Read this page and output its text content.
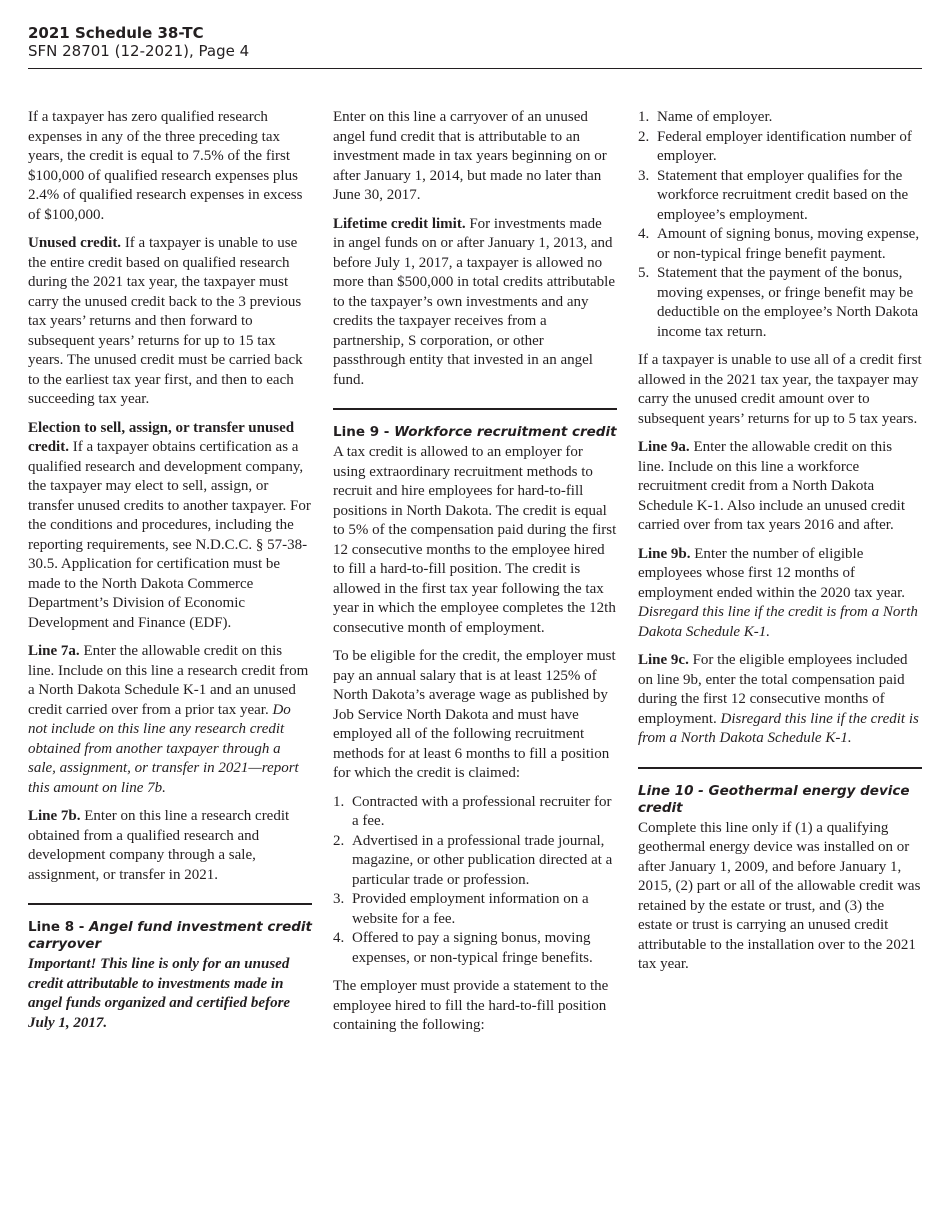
2021 Schedule 38-TC
SFN 28701 (12-2021), Page 4

If a taxpayer has zero qualified research expenses in any of the three preceding tax years, the credit is equal to 7.5% of the first $100,000 of qualified research expenses plus 2.4% of qualified research expenses in excess of $100,000.

Unused credit. If a taxpayer is unable to use the entire credit based on qualified research during the 2021 tax year, the taxpayer must carry the unused credit back to the 3 previous tax years’ returns and then forward to subsequent years’ returns for up to 15 tax years. The unused credit must be carried back to the earliest tax year first, and then to each succeeding tax year.

Election to sell, assign, or transfer unused credit. If a taxpayer obtains certification as a qualified research and development company, the taxpayer may elect to sell, assign, or transfer unused credits to another taxpayer. For the conditions and procedures, including the reporting requirements, see N.D.C.C. § 57-38-30.5. Application for certification must be made to the North Dakota Commerce Department’s Division of Economic Development and Finance (EDF).

Line 7a. Enter the allowable credit on this line. Include on this line a research credit from a North Dakota Schedule K-1 and an unused credit carried over from a prior tax year. Do not include on this line any research credit obtained from another taxpayer through a sale, assignment, or transfer in 2021—report this amount on line 7b.

Line 7b. Enter on this line a research credit obtained from a qualified research and development company through a sale, assignment, or transfer in 2021.

Line 8 - Angel fund investment credit carryover

Important! This line is only for an unused credit attributable to investments made in angel funds organized and certified before July 1, 2017.

Enter on this line a carryover of an unused angel fund credit that is attributable to an investment made in tax years beginning on or after January 1, 2014, but made no later than June 30, 2017.

Lifetime credit limit. For investments made in angel funds on or after January 1, 2013, and before July 1, 2017, a taxpayer is allowed no more than $500,000 in total credits attributable to the taxpayer’s own investments and any credits the taxpayer receives from a partnership, S corporation, or other passthrough entity that invested in an angel fund.

Line 9 - Workforce recruitment credit

A tax credit is allowed to an employer for using extraordinary recruitment methods to recruit and hire employees for hard-to-fill positions in North Dakota. The credit is equal to 5% of the compensation paid during the first 12 consecutive months to the employee hired to fill a hard-to-fill position. The credit is allowed in the first tax year following the tax year in which the employee completes the 12th consecutive month of employment.

To be eligible for the credit, the employer must pay an annual salary that is at least 125% of North Dakota’s average wage as published by Job Service North Dakota and must have employed all of the following recruitment methods for at least 6 months to fill a position for which the credit is claimed:

1. Contracted with a professional recruiter for a fee.
2. Advertised in a professional trade journal, magazine, or other publication directed at a particular trade or profession.
3. Provided employment information on a website for a fee.
4. Offered to pay a signing bonus, moving expenses, or non-typical fringe benefits.

The employer must provide a statement to the employee hired to fill the hard-to-fill position containing the following:

1. Name of employer.
2. Federal employer identification number of employer.
3. Statement that employer qualifies for the workforce recruitment credit based on the employee’s employment.
4. Amount of signing bonus, moving expense, or non-typical fringe benefit payment.
5. Statement that the payment of the bonus, moving expenses, or fringe benefit may be deductible on the employee’s North Dakota income tax return.

If a taxpayer is unable to use all of a credit first allowed in the 2021 tax year, the taxpayer may carry the unused credit amount over to subsequent years’ returns for up to 5 tax years.

Line 9a. Enter the allowable credit on this line. Include on this line a workforce recruitment credit from a North Dakota Schedule K-1. Also include an unused credit carried over from tax years 2016 and after.

Line 9b. Enter the number of eligible employees whose first 12 months of employment ended within the 2020 tax year. Disregard this line if the credit is from a North Dakota Schedule K-1.

Line 9c. For the eligible employees included on line 9b, enter the total compensation paid during the first 12 consecutive months of employment. Disregard this line if the credit is from a North Dakota Schedule K-1.

Line 10 - Geothermal energy device credit

Complete this line only if (1) a qualifying geothermal energy device was installed on or after January 1, 2009, and before January 1, 2015, (2) part or all of the allowable credit was retained by the estate or trust, and (3) the estate or trust is carrying an unused credit attributable to the installation over to the 2021 tax year.
